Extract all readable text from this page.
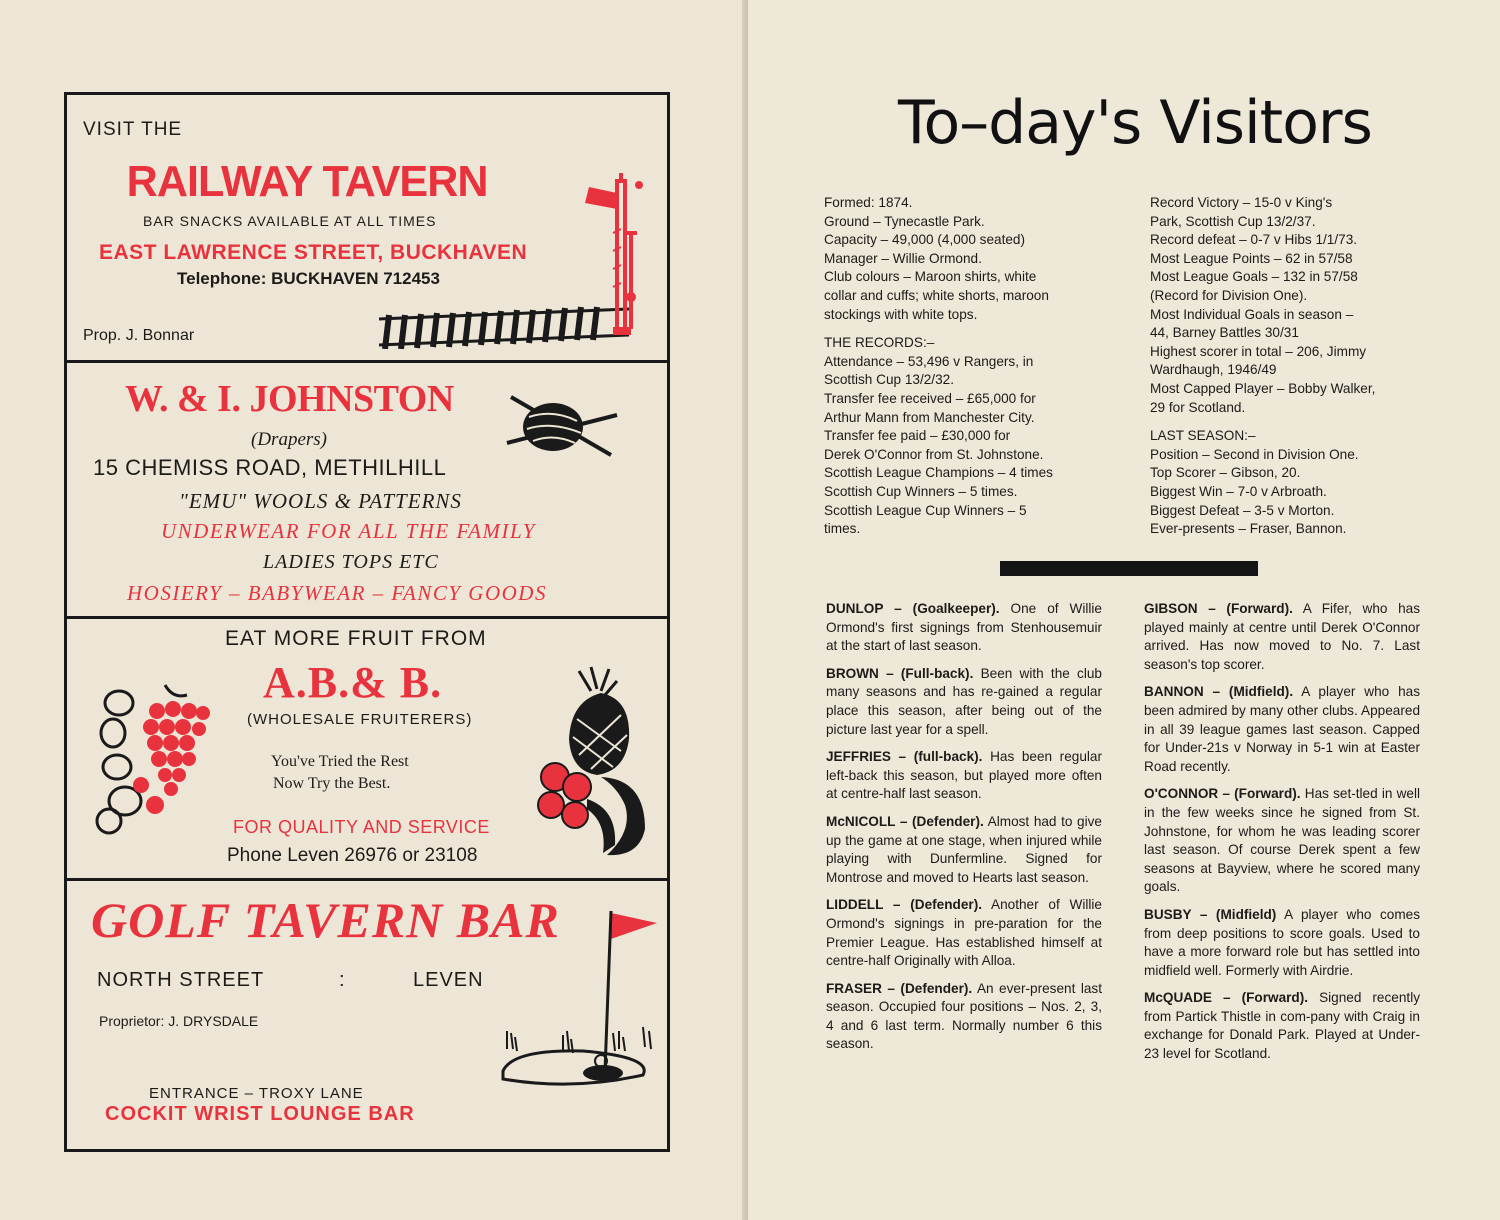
VISIT THE
RAILWAY TAVERN
BAR SNACKS AVAILABLE AT ALL TIMES
EAST LAWRENCE STREET, BUCKHAVEN
Telephone: BUCKHAVEN 712453
Prop. J. Bonnar
W. & I. JOHNSTON
(Drapers)
15 CHEMISS ROAD, METHILHILL
"EMU" WOOLS & PATTERNS
UNDERWEAR FOR ALL THE FAMILY
LADIES TOPS ETC
HOSIERY – BABYWEAR – FANCY GOODS
EAT MORE FRUIT FROM
A.B.& B.
(WHOLESALE FRUITERERS)
You've Tried the Rest
Now Try the Best.
FOR QUALITY AND SERVICE
Phone Leven 26976 or 23108
GOLF TAVERN BAR
NORTH STREET	:	LEVEN
Proprietor: J. DRYSDALE
ENTRANCE – TROXY LANE
COCKIT WRIST LOUNGE BAR
To–day's Visitors

Formed: 1874.

Ground – Tynecastle Park.

Capacity – 49,000 (4,000 seated)

Manager – Willie Ormond.

Club colours – Maroon shirts, white

collar and cuffs; white shorts, maroon

stockings with white tops.

THE RECORDS:–

Attendance – 53,496 v Rangers, in

Scottish Cup 13/2/32.

Transfer fee received – £65,000 for

Arthur Mann from Manchester City.

Transfer fee paid – £30,000 for

Derek O'Connor from St. Johnstone.

Scottish League Champions – 4 times

Scottish Cup Winners – 5 times.

Scottish League Cup Winners – 5

times.

Record Victory – 15-0 v King's

Park, Scottish Cup 13/2/37.

Record defeat – 0-7 v Hibs 1/1/73.

Most League Points – 62 in 57/58

Most League Goals – 132 in 57/58

(Record for Division One).

Most Individual Goals in season –

44, Barney Battles 30/31

Highest scorer in total – 206, Jimmy

Wardhaugh, 1946/49

Most Capped Player – Bobby Walker,

29 for Scotland.

LAST SEASON:–

Position – Second in Division One.

Top Scorer – Gibson, 20.

Biggest Win – 7-0 v Arbroath.

Biggest Defeat – 3-5 v Morton.

Ever-presents – Fraser, Bannon.

DUNLOP – (Goalkeeper). One of Willie Ormond's first signings from Stenhousemuir at the start of last season.

BROWN – (Full-back). Been with the club many seasons and has re-gained a regular place this season, after being out of the picture last year for a spell.

JEFFRIES – (full-back). Has been regular left-back this season, but played more often at centre-half last season.

McNICOLL – (Defender). Almost had to give up the game at one stage, when injured while playing with Dunfermline. Signed for Montrose and moved to Hearts last season.

LIDDELL – (Defender). Another of Willie Ormond's signings in pre-paration for the Premier League. Has established himself at centre-half Originally with Alloa.

FRASER – (Defender). An ever-present last season. Occupied four positions – Nos. 2, 3, 4 and 6 last term. Normally number 6 this season.

GIBSON – (Forward). A Fifer, who has played mainly at centre until Derek O'Connor arrived. Has now moved to No. 7. Last season's top scorer.

BANNON – (Midfield). A player who has been admired by many other clubs. Appeared in all 39 league games last season. Capped for Under-21s v Norway in 5-1 win at Easter Road recently.

O'CONNOR – (Forward). Has set-tled in well in the few weeks since he signed from St. Johnstone, for whom he was leading scorer last season. Of course Derek spent a few seasons at Bayview, where he scored many goals.

BUSBY – (Midfield) A player who comes from deep positions to score goals. Used to have a more forward role but has settled into midfield well. Formerly with Airdrie.

McQUADE – (Forward). Signed recently from Partick Thistle in com-pany with Craig in exchange for Donald Park. Played at Under-23 level for Scotland.
